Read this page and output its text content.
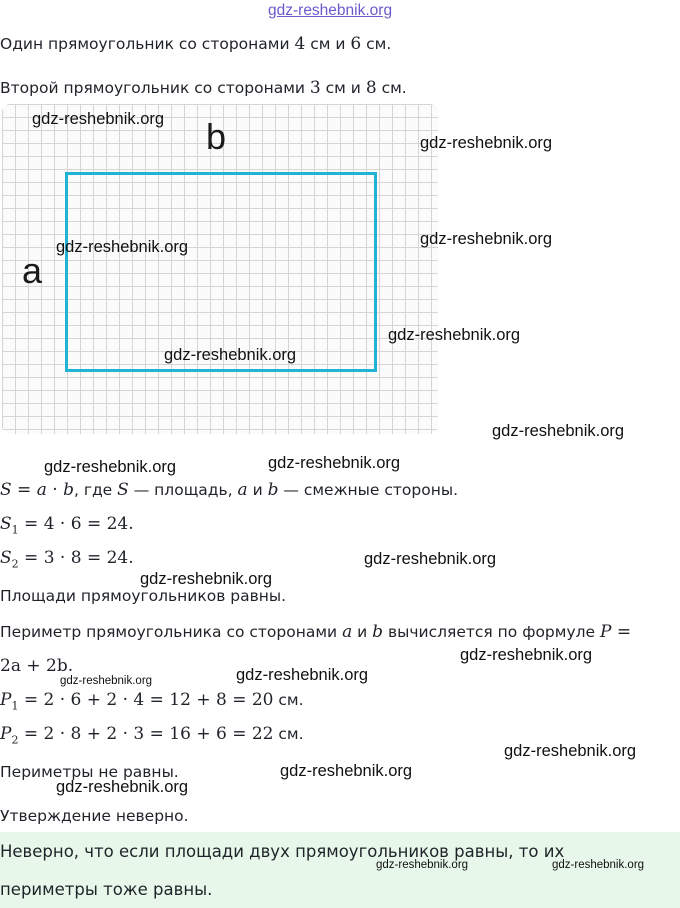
gdz-reshebnik.org
Один прямоугольник со сторонами 4 см и 6 см.
Второй прямоугольник со сторонами 3 см и 8 см.
b
a
S = a · b, где S — площадь, a и b — смежные стороны.
$S_1 = 4 \cdot 6 = 24$.
$S_2 = 3 \cdot 8 = 24$.
Площади прямоугольников равны.
Периметр прямоугольника со сторонами a и b вычисляется по формуле P =
2a + 2b.
$P_1 = 2 \cdot 6 + 2 \cdot 4 = 12 + 8 = 20$ см.
$P_2 = 2 \cdot 8 + 2 \cdot 3 = 16 + 6 = 22$ см.
Периметры не равны.
Утверждение неверно.
Неверно, что если площади двух прямоугольников равны, то их
периметры тоже равны.
gdz-reshebnik.org
gdz-reshebnik.org
gdz-reshebnik.org
gdz-reshebnik.org
gdz-reshebnik.org
gdz-reshebnik.org
gdz-reshebnik.org
gdz-reshebnik.org	gdz-reshebnik.org
gdz-reshebnik.org
gdz-reshebnik.org
gdz-reshebnik.org
gdz-reshebnik.org	gdz-reshebnik.org
gdz-reshebnik.org
gdz-reshebnik.org
gdz-reshebnik.org
gdz-reshebnik.org	gdz-reshebnik.org
